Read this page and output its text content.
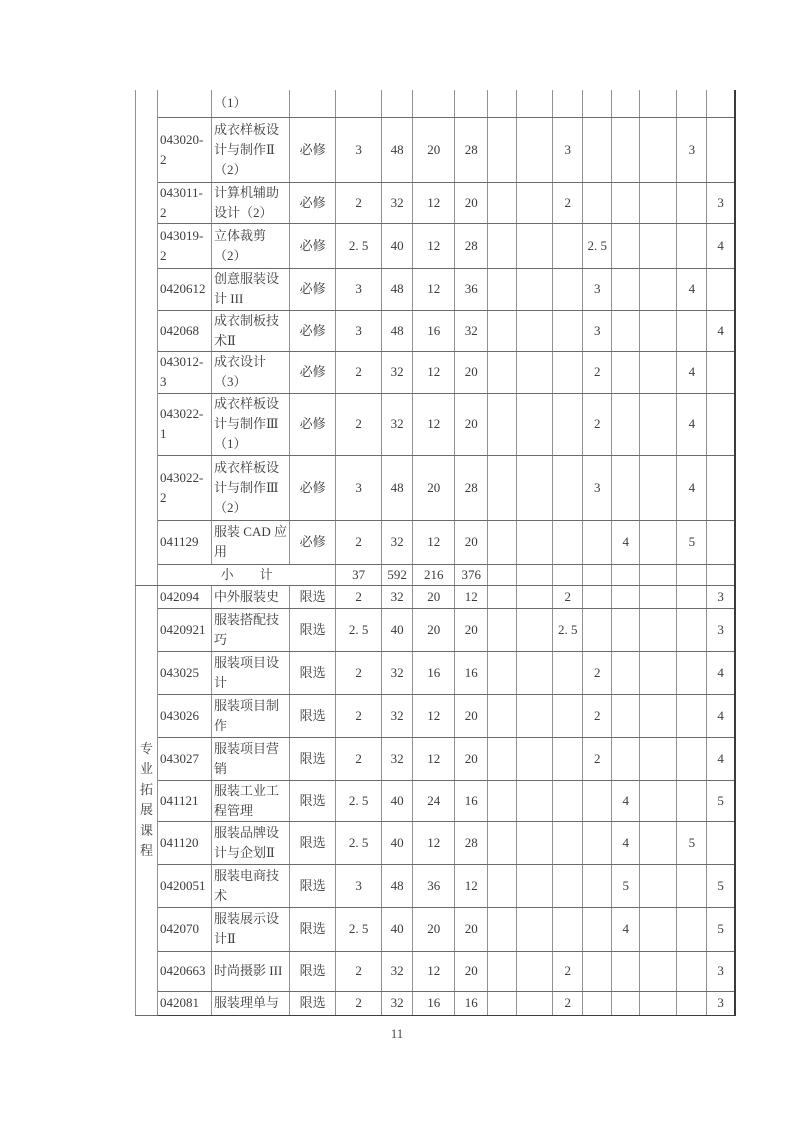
		（1）													
	043020-2	成衣样板设计与制作Ⅱ（2）	必修	3	48	20	28			3				3	
	043011-2	计算机辅助设计（2）	必修	2	32	12	20			2					3
	043019-2	立体裁剪（2）	必修	2. 5	40	12	28				2. 5				4
	0420612	创意服装设计 III	必修	3	48	12	36				3			4	
	042068	成衣制板技术Ⅱ	必修	3	48	16	32				3				4
	043012-3	成衣设计（3）	必修	2	32	12	20				2			4	
	043022-1	成衣样板设计与制作Ⅲ（1）	必修	2	32	12	20				2			4	
	043022-2	成衣样板设计与制作Ⅲ（2）	必修	3	48	20	28				3			4	
	041129	服装 CAD 应用	必修	2	32	12	20					4		5	
	小　　计			37	592	216	376								

专业拓展课程	042094	中外服装史	限选	2	32	20	12			2					3
	0420921	服装搭配技巧	限选	2. 5	40	20	20			2. 5					3
	043025	服装项目设计	限选	2	32	16	16				2				4
	043026	服装项目制作	限选	2	32	12	20				2				4
	043027	服装项目营销	限选	2	32	12	20				2				4
	041121	服装工业工程管理	限选	2. 5	40	24	16					4			5
	041120	服装品牌设计与企划Ⅱ	限选	2. 5	40	12	28					4		5	
	0420051	服装电商技术	限选	3	48	36	12					5			5
	042070	服装展示设计Ⅱ	限选	2. 5	40	20	20					4			5
	0420663	时尚摄影 III	限选	2	32	12	20			2					3
	042081	服装理单与	限选	2	32	16	16			2					3
11
